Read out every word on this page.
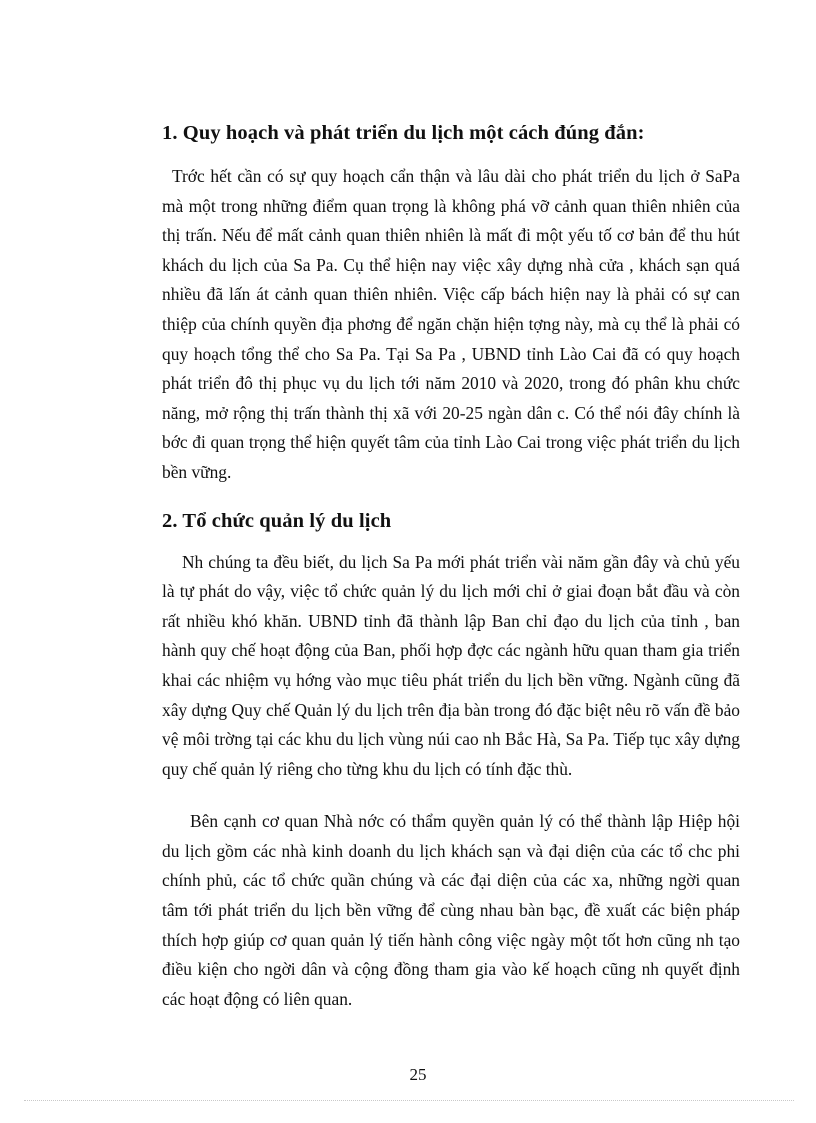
1. Quy hoạch và phát triển du lịch một cách đúng đắn:

Trớc hết cần có sự quy hoạch cẩn thận và lâu dài cho phát triển du lịch ở SaPa mà một trong những điểm quan trọng là không phá vỡ cảnh quan thiên nhiên của thị trấn. Nếu để mất cảnh quan thiên nhiên là mất đi một yếu tố cơ bản để thu hút khách du lịch của Sa Pa. Cụ thể hiện nay việc xây dựng nhà cửa , khách sạn quá nhiều đã lấn át cảnh quan thiên nhiên. Việc cấp bách hiện nay là phải có sự can thiệp của chính quyền địa phơng để ngăn chặn hiện tợng này, mà cụ thể là phải có quy hoạch tổng thể cho Sa Pa. Tại Sa Pa , UBND tỉnh Lào Cai đã có quy hoạch phát triển đô thị phục vụ du lịch tới năm 2010 và 2020, trong đó phân khu chức năng, mở rộng thị trấn thành thị xã với 20-25 ngàn dân c. Có thể nói đây chính là bớc đi quan trọng thể hiện quyết tâm của tỉnh Lào Cai trong việc phát triển du lịch bền vững.

2. Tổ chức quản lý du lịch

Nh chúng ta đều biết, du lịch Sa Pa mới phát triển vài năm gần đây và chủ yếu là tự phát do vậy, việc tổ chức quản lý du lịch mới chỉ ở giai đoạn bắt đầu và còn rất nhiều khó khăn. UBND tỉnh đã thành lập Ban chỉ đạo du lịch của tỉnh , ban hành quy chế hoạt động của Ban, phối hợp đợc các ngành hữu quan tham gia triển khai các nhiệm vụ hớng vào mục tiêu phát triển du lịch bền vững. Ngành cũng đã xây dựng Quy chế Quản lý du lịch trên địa bàn trong đó đặc biệt nêu rõ vấn đề bảo vệ môi trờng tại các khu du lịch vùng núi cao nh Bắc Hà, Sa Pa. Tiếp tục xây dựng quy chế quản lý riêng cho từng khu du lịch có tính đặc thù.

Bên cạnh cơ quan Nhà nớc có thẩm quyền quản lý có thể thành lập Hiệp hội du lịch gồm các nhà kinh doanh du lịch khách sạn và đại diện của các tổ chc phi chính phủ, các tổ chức quần chúng và các đại diện của các xa, những ngời quan tâm tới phát triển du lịch bền vững để cùng nhau bàn bạc, đề xuất các biện pháp thích hợp giúp cơ quan quản lý tiến hành công việc ngày một tốt hơn cũng nh tạo điều kiện cho ngời dân và cộng đồng tham gia vào kế hoạch cũng nh quyết định các hoạt động có liên quan.

25
